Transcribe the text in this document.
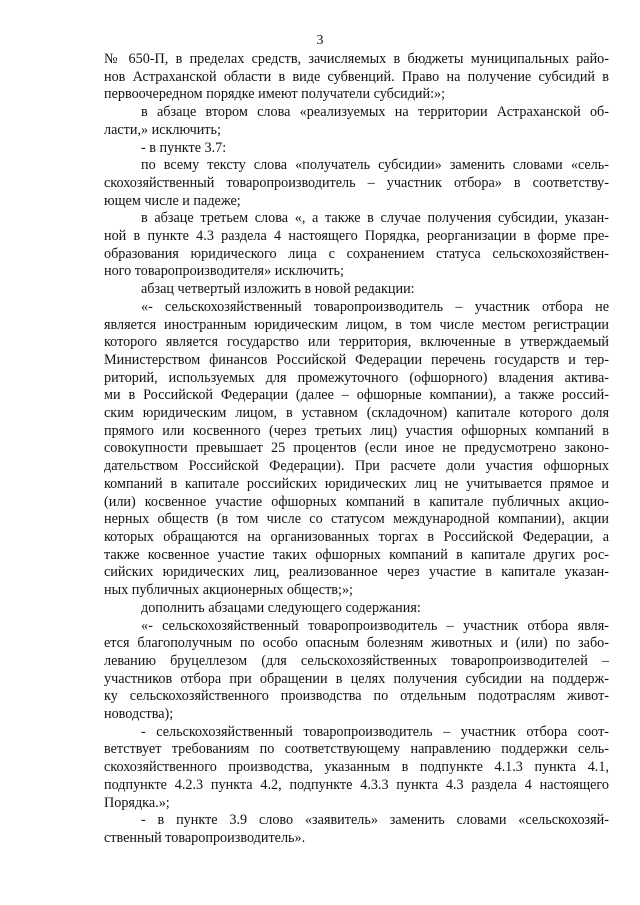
3
№ 650-П, в пределах средств, зачисляемых в бюджеты муниципальных райо-
нов Астраханской области в виде субвенций. Право на получение субсидий в
первоочередном порядке имеют получатели субсидий:»;
в абзаце втором слова «реализуемых на территории Астраханской об-
ласти,» исключить;
- в пункте 3.7:
по всему тексту слова «получатель субсидии» заменить словами «сель-
скохозяйственный товаропроизводитель – участник отбора» в соответству-
ющем числе и падеже;
в абзаце третьем слова «, а также в случае получения субсидии, указан-
ной в пункте 4.3 раздела 4 настоящего Порядка, реорганизации в форме пре-
образования юридического лица с сохранением статуса сельскохозяйствен-
ного товаропроизводителя» исключить;
абзац четвертый изложить в новой редакции:
«- сельскохозяйственный товаропроизводитель – участник отбора не
является иностранным юридическим лицом, в том числе местом регистрации
которого является государство или территория, включенные в утверждаемый
Министерством финансов Российской Федерации перечень государств и тер-
риторий, используемых для промежуточного (офшорного) владения актива-
ми в Российской Федерации (далее – офшорные компании), а также россий-
ским юридическим лицом, в уставном (складочном) капитале которого доля
прямого или косвенного (через третьих лиц) участия офшорных компаний в
совокупности превышает 25 процентов (если иное не предусмотрено законо-
дательством Российской Федерации). При расчете доли участия офшорных
компаний в капитале российских юридических лиц не учитывается прямое и
(или) косвенное участие офшорных компаний в капитале публичных акцио-
нерных обществ (в том числе со статусом международной компании), акции
которых обращаются на организованных торгах в Российской Федерации, а
также косвенное участие таких офшорных компаний в капитале других рос-
сийских юридических лиц, реализованное через участие в капитале указан-
ных публичных акционерных обществ;»;
дополнить абзацами следующего содержания:
«- сельскохозяйственный товаропроизводитель – участник отбора явля-
ется благополучным по особо опасным болезням животных и (или) по забо-
леванию бруцеллезом (для сельскохозяйственных товаропроизводителей –
участников отбора при обращении в целях получения субсидии на поддерж-
ку сельскохозяйственного производства по отдельным подотраслям живот-
новодства);
- сельскохозяйственный товаропроизводитель – участник отбора соот-
ветствует требованиям по соответствующему направлению поддержки сель-
скохозяйственного производства, указанным в подпункте 4.1.3 пункта 4.1,
подпункте 4.2.3 пункта 4.2, подпункте 4.3.3 пункта 4.3 раздела 4 настоящего
Порядка.»;
- в пункте 3.9 слово «заявитель» заменить словами «сельскохозяй-
ственный товаропроизводитель».
